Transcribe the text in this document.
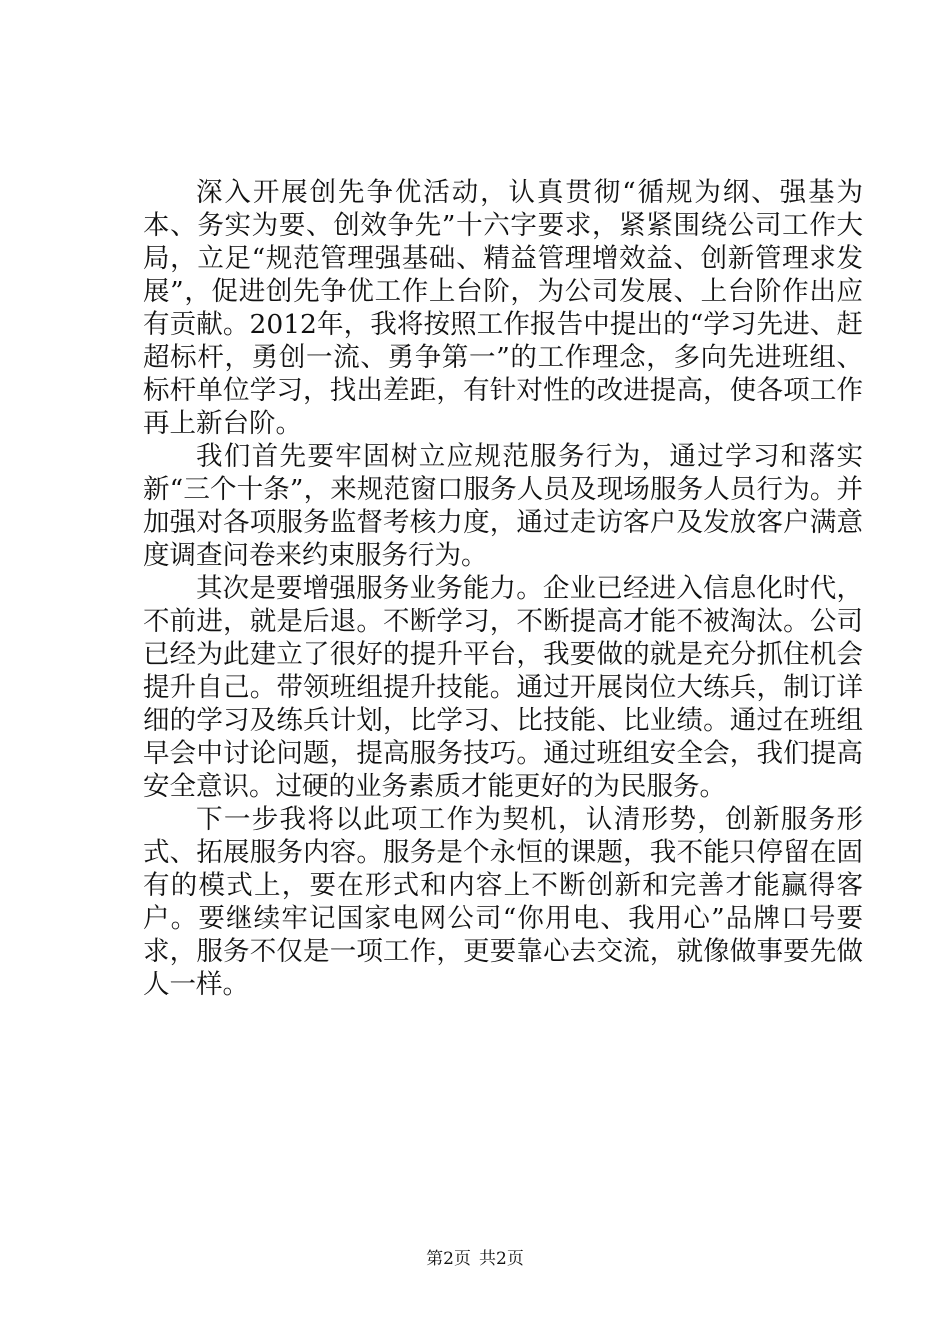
深入开展创先争优活动，认真贯彻“循规为纲、强基为本、务实为要、创效争先”十六字要求，紧紧围绕公司工作大局，立足“规范管理强基础、精益管理增效益、创新管理求发展”，促进创先争优工作上台阶，为公司发展、上台阶作出应有贡献。2012年，我将按照工作报告中提出的“学习先进、赶超标杆，勇创一流、勇争第一”的工作理念，多向先进班组、标杆单位学习，找出差距，有针对性的改进提高，使各项工作再上新台阶。

我们首先要牢固树立应规范服务行为，通过学习和落实新“三个十条”，来规范窗口服务人员及现场服务人员行为。并加强对各项服务监督考核力度，通过走访客户及发放客户满意度调查问卷来约束服务行为。

其次是要增强服务业务能力。企业已经进入信息化时代，不前进，就是后退。不断学习，不断提高才能不被淘汰。公司已经为此建立了很好的提升平台，我要做的就是充分抓住机会提升自己。带领班组提升技能。通过开展岗位大练兵，制订详细的学习及练兵计划，比学习、比技能、比业绩。通过在班组早会中讨论问题，提高服务技巧。通过班组安全会，我们提高安全意识。过硬的业务素质才能更好的为民服务。

下一步我将以此项工作为契机，认清形势，创新服务形式、拓展服务内容。服务是个永恒的课题，我不能只停留在固有的模式上，要在形式和内容上不断创新和完善才能赢得客户。要继续牢记国家电网公司“你用电、我用心”品牌口号要求，服务不仅是一项工作，更要靠心去交流，就像做事要先做人一样。

第2页 共2页
